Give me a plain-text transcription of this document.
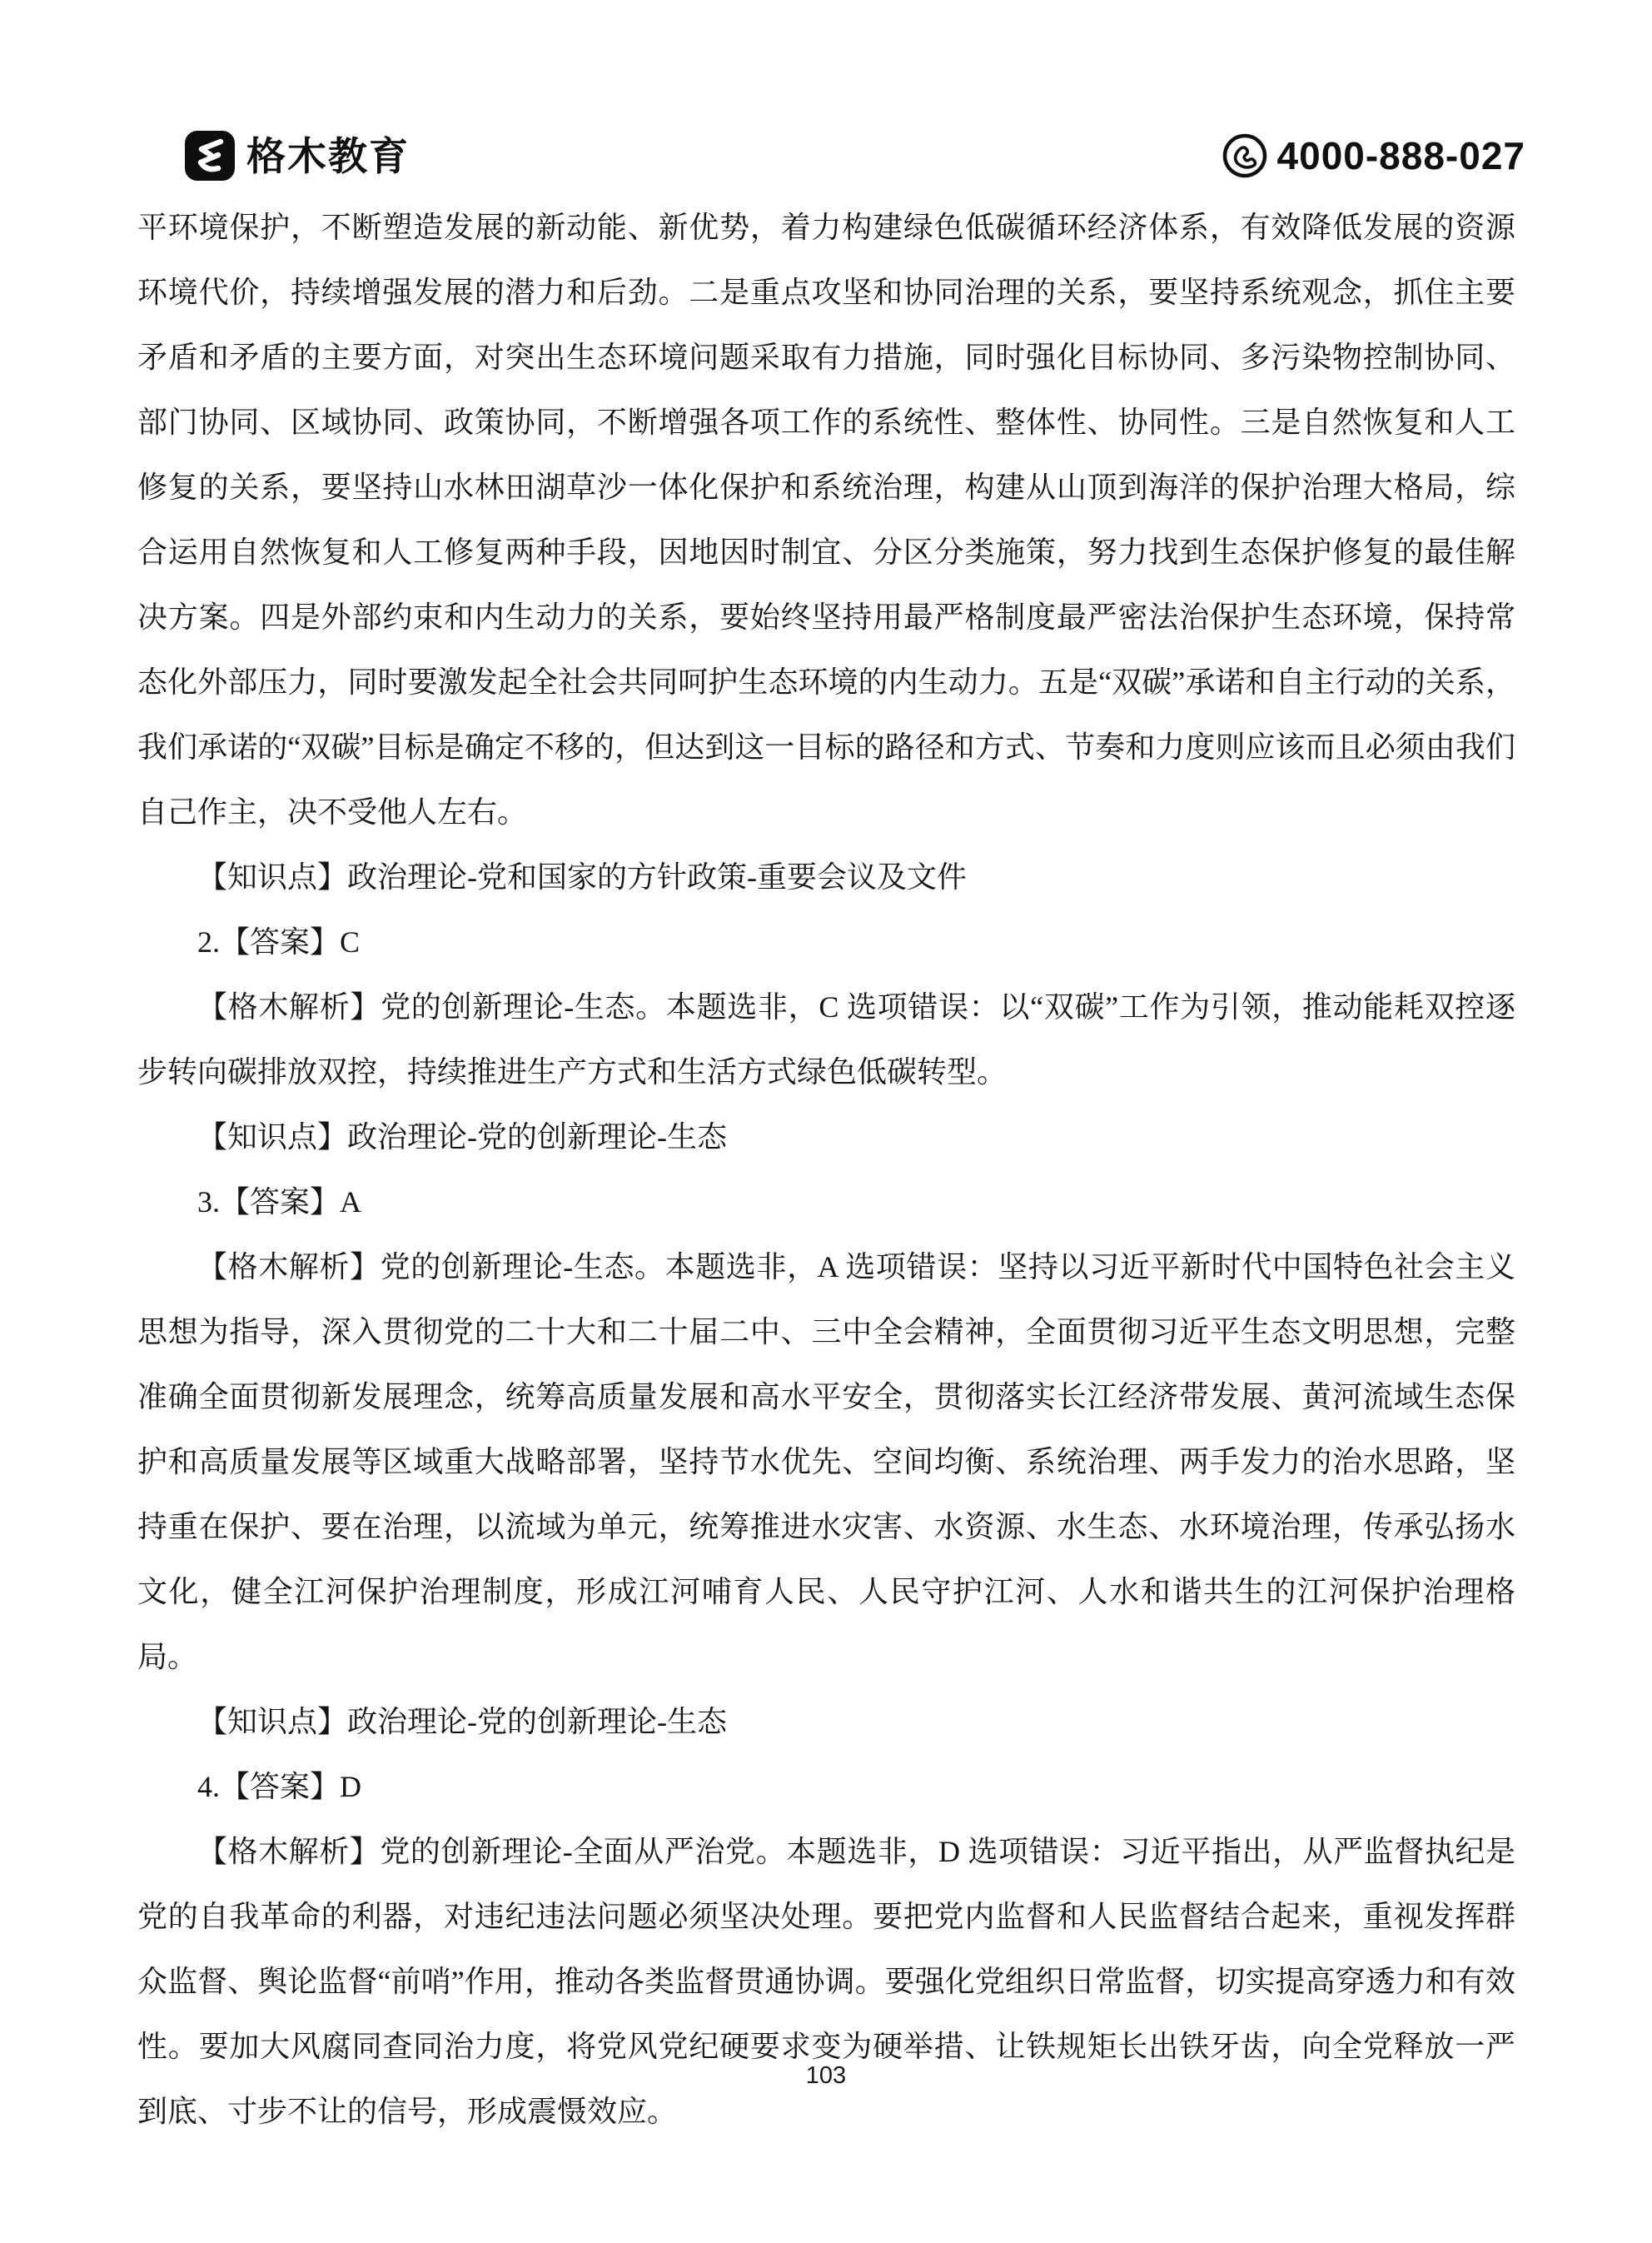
格木教育	4000-888-027

平环境保护，不断塑造发展的新动能、新优势，着力构建绿色低碳循环经济体系，有效降低发展的资源环境代价，持续增强发展的潜力和后劲。二是重点攻坚和协同治理的关系，要坚持系统观念，抓住主要矛盾和矛盾的主要方面，对突出生态环境问题采取有力措施，同时强化目标协同、多污染物控制协同、部门协同、区域协同、政策协同，不断增强各项工作的系统性、整体性、协同性。三是自然恢复和人工修复的关系，要坚持山水林田湖草沙一体化保护和系统治理，构建从山顶到海洋的保护治理大格局，综合运用自然恢复和人工修复两种手段，因地因时制宜、分区分类施策，努力找到生态保护修复的最佳解决方案。四是外部约束和内生动力的关系，要始终坚持用最严格制度最严密法治保护生态环境，保持常态化外部压力，同时要激发起全社会共同呵护生态环境的内生动力。五是“双碳”承诺和自主行动的关系，我们承诺的“双碳”目标是确定不移的，但达到这一目标的路径和方式、节奏和力度则应该而且必须由我们自己作主，决不受他人左右。

【知识点】政治理论-党和国家的方针政策-重要会议及文件

2.【答案】C

【格木解析】党的创新理论-生态。本题选非，C 选项错误：以“双碳”工作为引领，推动能耗双控逐步转向碳排放双控，持续推进生产方式和生活方式绿色低碳转型。

【知识点】政治理论-党的创新理论-生态

3.【答案】A

【格木解析】党的创新理论-生态。本题选非，A 选项错误：坚持以习近平新时代中国特色社会主义思想为指导，深入贯彻党的二十大和二十届二中、三中全会精神，全面贯彻习近平生态文明思想，完整准确全面贯彻新发展理念，统筹高质量发展和高水平安全，贯彻落实长江经济带发展、黄河流域生态保护和高质量发展等区域重大战略部署，坚持节水优先、空间均衡、系统治理、两手发力的治水思路，坚持重在保护、要在治理，以流域为单元，统筹推进水灾害、水资源、水生态、水环境治理，传承弘扬水文化，健全江河保护治理制度，形成江河哺育人民、人民守护江河、人水和谐共生的江河保护治理格局。

【知识点】政治理论-党的创新理论-生态

4.【答案】D

【格木解析】党的创新理论-全面从严治党。本题选非，D 选项错误：习近平指出，从严监督执纪是党的自我革命的利器，对违纪违法问题必须坚决处理。要把党内监督和人民监督结合起来，重视发挥群众监督、舆论监督“前哨”作用，推动各类监督贯通协调。要强化党组织日常监督，切实提高穿透力和有效性。要加大风腐同查同治力度，将党风党纪硬要求变为硬举措、让铁规矩长出铁牙齿，向全党释放一严到底、寸步不让的信号，形成震慑效应。

103
